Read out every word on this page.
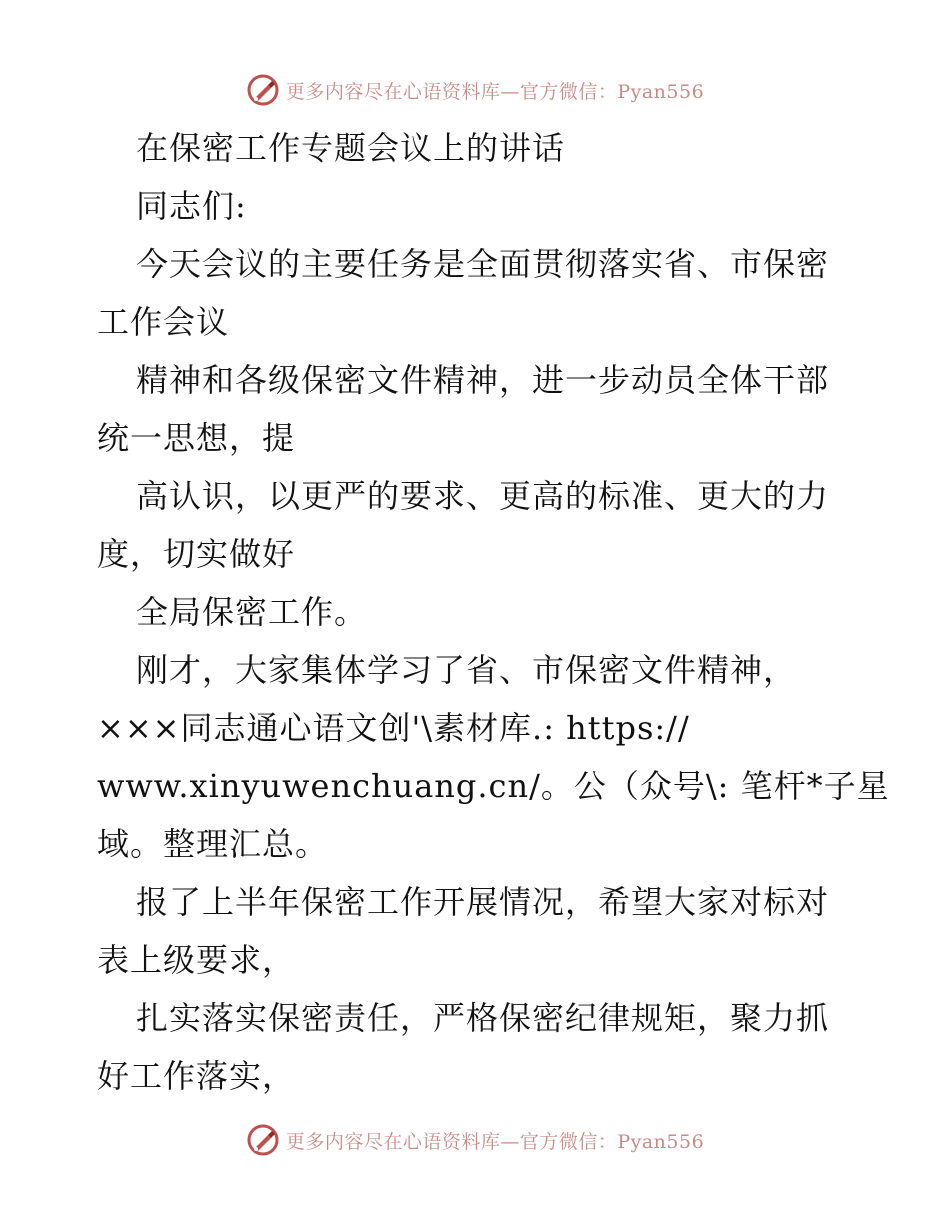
更多内容尽在心语资料库—官方微信：Pyan556
在保密工作专题会议上的讲话
同志们:
今天会议的主要任务是全面贯彻落实省、市保密
工作会议
精神和各级保密文件精神，进一步动员全体干部
统一思想，提
高认识，以更严的要求、更高的标准、更大的力
度，切实做好
全局保密工作。
刚才，大家集体学习了省、市保密文件精神，
×××同志通心语文创'\素材库.: https://
www.xinyuwenchuang.cn/。公（众号\: 笔杆*子星
域。整理汇总。
报了上半年保密工作开展情况，希望大家对标对
表上级要求，
扎实落实保密责任，严格保密纪律规矩，聚力抓
好工作落实，
更多内容尽在心语资料库—官方微信：Pyan556
